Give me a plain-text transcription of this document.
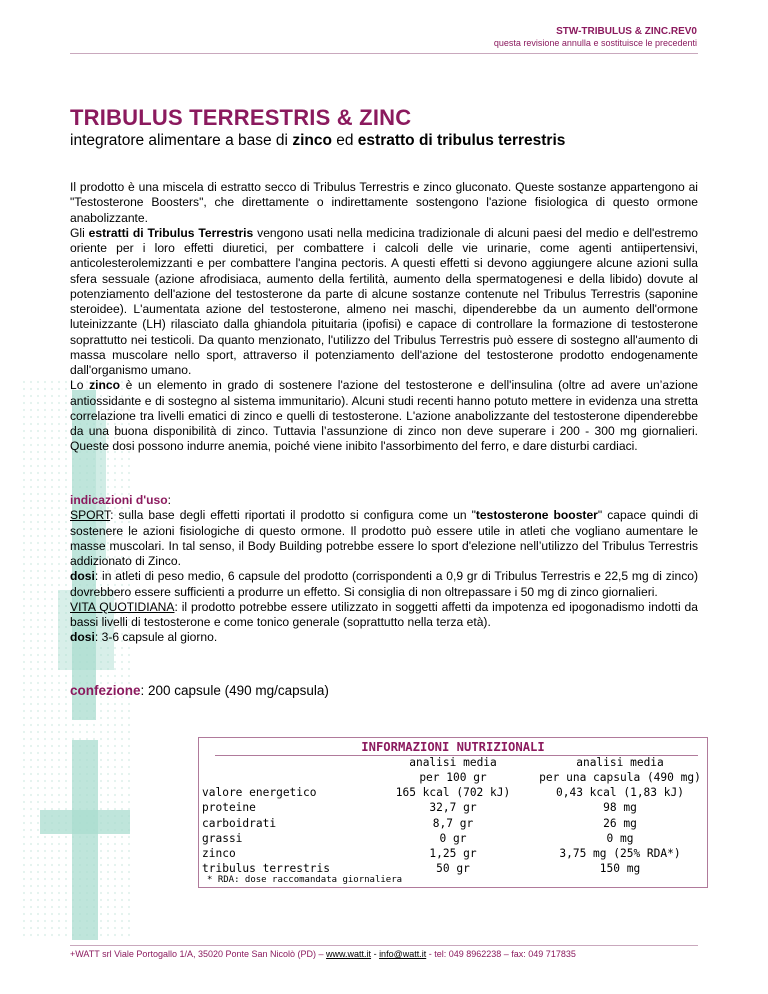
STW-TRIBULUS & ZINC.REV0
questa revisione annulla e sostituisce le precedenti
TRIBULUS TERRESTRIS & ZINC
integratore alimentare a base di zinco ed estratto di tribulus terrestris
Il prodotto è una miscela di estratto secco di Tribulus Terrestris e zinco gluconato. Queste sostanze appartengono ai "Testosterone Boosters", che direttamente o indirettamente sostengono l'azione fisiologica di questo ormone anabolizzante.
Gli estratti di Tribulus Terrestris vengono usati nella medicina tradizionale di alcuni paesi del medio e dell'estremo oriente per i loro effetti diuretici, per combattere i calcoli delle vie urinarie, come agenti antiipertensivi, anticolesterolemizzanti e per combattere l'angina pectoris. A questi effetti si devono aggiungere alcune azioni sulla sfera sessuale (azione afrodisiaca, aumento della fertilità, aumento della spermatogenesi e della libido) dovute al potenziamento dell'azione del testosterone da parte di alcune sostanze contenute nel Tribulus Terrestris (saponine steroidee). L'aumentata azione del testosterone, almeno nei maschi, dipenderebbe da un aumento dell'ormone luteinizzante (LH) rilasciato dalla ghiandola pituitaria (ipofisi) e capace di controllare la formazione di testosterone soprattutto nei testicoli. Da quanto menzionato, l'utilizzo del Tribulus Terrestris può essere di sostegno all'aumento di massa muscolare nello sport, attraverso il potenziamento dell'azione del testosterone prodotto endogenamente dall'organismo umano.
Lo zinco è un elemento in grado di sostenere l'azione del testosterone e dell'insulina (oltre ad avere un’azione antiossidante e di sostegno al sistema immunitario). Alcuni studi recenti hanno potuto mettere in evidenza una stretta correlazione tra livelli ematici di zinco e quelli di testosterone. L'azione anabolizzante del testosterone dipenderebbe da una buona disponibilità di zinco. Tuttavia l’assunzione di zinco non deve superare i 200 - 300 mg giornalieri. Queste dosi possono indurre anemia, poiché viene inibito l'assorbimento del ferro, e dare disturbi cardiaci.
indicazioni d'uso:
SPORT: sulla base degli effetti riportati il prodotto si configura come un "testosterone booster" capace quindi di sostenere le azioni fisiologiche di questo ormone. Il prodotto può essere utile in atleti che vogliano aumentare le masse muscolari. In tal senso, il Body Building potrebbe essere lo sport d'elezione nell’utilizzo del Tribulus Terrestris addizionato di Zinco.
dosi: in atleti di peso medio, 6 capsule del prodotto (corrispondenti a 0,9 gr di Tribulus Terrestris e 22,5 mg di zinco) dovrebbero essere sufficienti a produrre un effetto. Si consiglia di non oltrepassare i 50 mg di zinco giornalieri.
VITA QUOTIDIANA: il prodotto potrebbe essere utilizzato in soggetti affetti da impotenza ed ipogonadismo indotti da bassi livelli di testosterone e come tonico generale (soprattutto nella terza età).
dosi: 3-6 capsule al giorno.
confezione: 200 capsule (490 mg/capsula)
INFORMAZIONI NUTRIZIONALI
analisi media
per 100 gr
analisi media
per una capsula (490 mg)
valore energetico	165 kcal (702 kJ)	0,43 kcal (1,83 kJ)
proteine	32,7 gr	98 mg
carboidrati	8,7 gr	26 mg
grassi	0 gr	0 mg
zinco	1,25 gr	3,75 mg (25% RDA*)
tribulus terrestris	50 gr	150 mg
* RDA: dose raccomandata giornaliera
+WATT srl Viale Portogallo 1/A, 35020 Ponte San Nicolò (PD) – www.watt.it - info@watt.it - tel: 049 8962238 – fax: 049 717835
